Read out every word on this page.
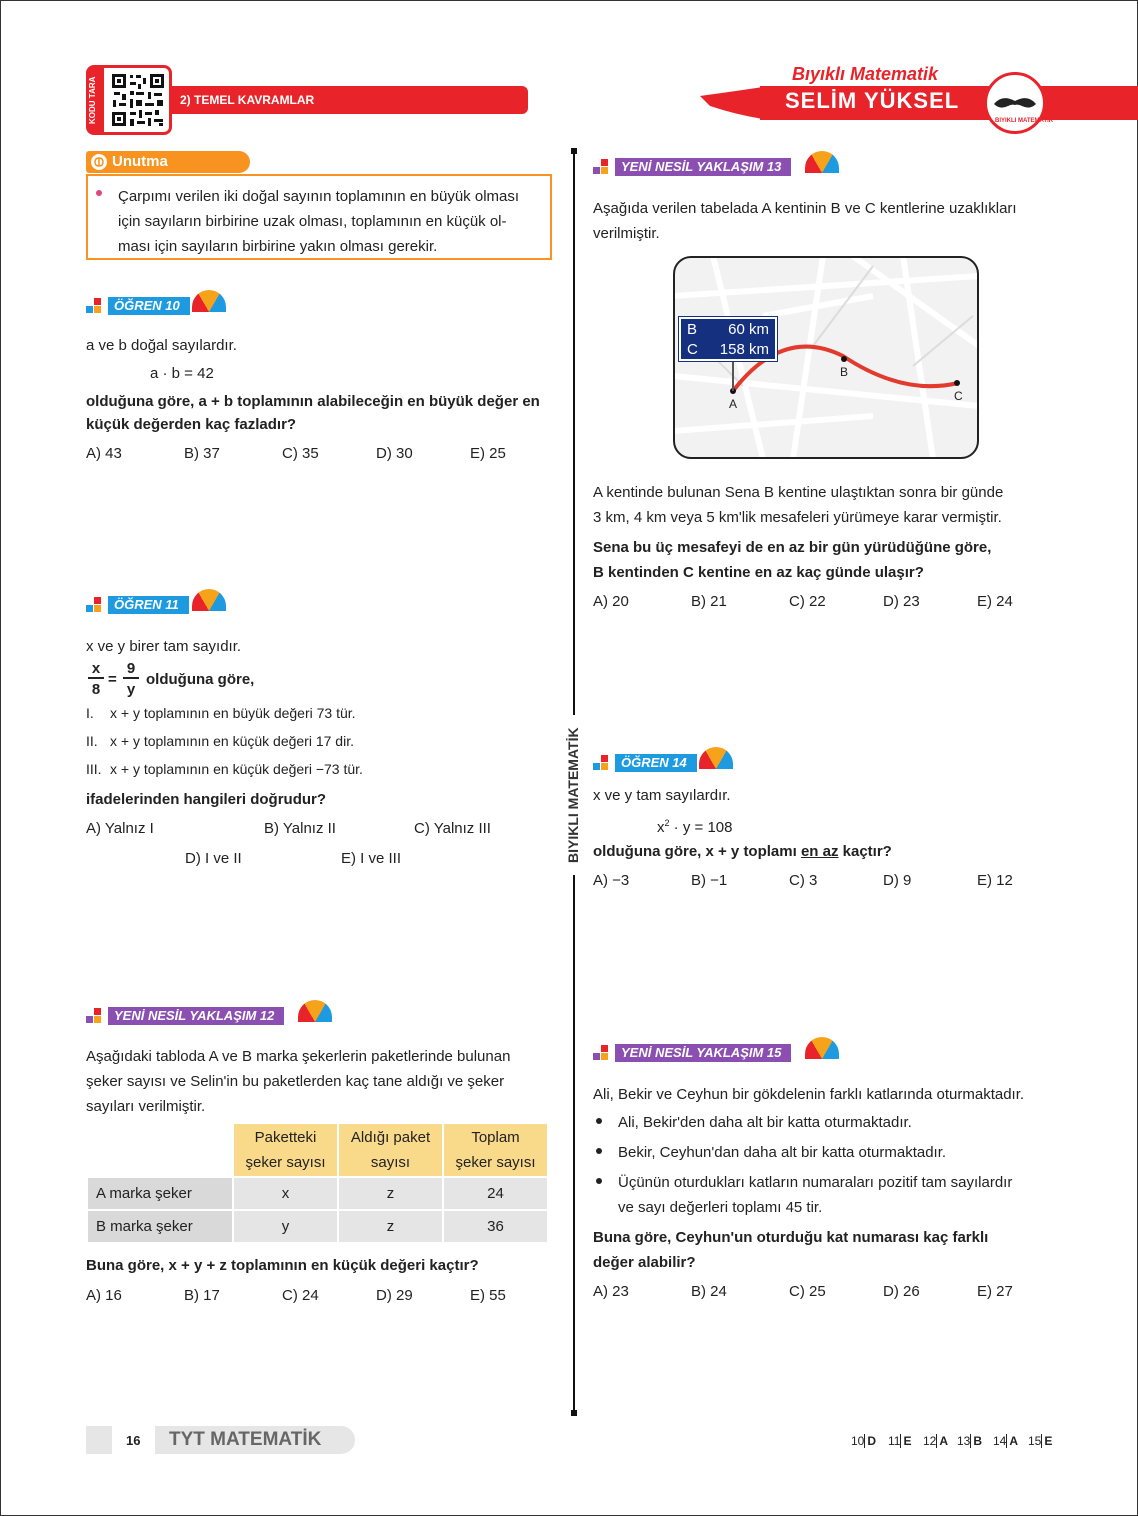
KODU TARA	2) TEMEL KAVRAMLAR
Bıyıklı Matematik
SELİM YÜKSEL
BIYIKLI MATEMATİK
Unutma
Çarpımı verilen iki doğal sayının toplamının en büyük olması
için sayıların birbirine uzak olması, toplamının en küçük ol-
ması için sayıların birbirine yakın olması gerekir.
ÖĞREN 10
a ve b doğal sayılardır.
a · b = 42
olduğuna göre, a + b toplamının alabileceğin en büyük değer en
küçük değerden kaç fazladır?
A) 43	B) 37	C) 35	D) 30	E) 25
ÖĞREN 11
x ve y birer tam sayıdır.
x
8
=
9
y
olduğuna göre,
I. x + y toplamının en büyük değeri 73 tür.
II. x + y toplamının en küçük değeri 17 dir.
III. x + y toplamının en küçük değeri −73 tür.
ifadelerinden hangileri doğrudur?
A) Yalnız I	B) Yalnız II	C) Yalnız III
D) I ve II	E) I ve III
YENİ NESİL YAKLAŞIM 12
Aşağıdaki tabloda A ve B marka şekerlerin paketlerinde bulunan
şeker sayısı ve Selin'in bu paketlerden kaç tane aldığı ve şeker
sayıları verilmiştir.
	Paketteki
şeker sayısı	Aldığı paket
sayısı	Toplam
şeker sayısı
A marka şeker	x	z	24
B marka şeker	y	z	36
Buna göre, x + y + z toplamının en küçük değeri kaçtır?
A) 16	B) 17	C) 24	D) 29	E) 55
BIYIKLI MATEMATİK
YENİ NESİL YAKLAŞIM 13
Aşağıda verilen tabelada A kentinin B ve C kentlerine uzaklıkları
verilmiştir.
A
B
C
B 60 km
C 158 km
A kentinde bulunan Sena B kentine ulaştıktan sonra bir günde
3 km, 4 km veya 5 km'lik mesafeleri yürümeye karar vermiştir.
Sena bu üç mesafeyi de en az bir gün yürüdüğüne göre,
B kentinden C kentine en az kaç günde ulaşır?
A) 20	B) 21	C) 22	D) 23	E) 24
ÖĞREN 14
x ve y tam sayılardır.
$x^2 \cdot y = 108$
olduğuna göre, x + y toplamı en az kaçtır?
A) −3	B) −1	C) 3	D) 9	E) 12
YENİ NESİL YAKLAŞIM 15
Ali, Bekir ve Ceyhun bir gökdelenin farklı katlarında oturmaktadır.
Ali, Bekir'den daha alt bir katta oturmaktadır.
Bekir, Ceyhun'dan daha alt bir katta oturmaktadır.
Üçünün oturdukları katların numaraları pozitif tam sayılardır
ve sayı değerleri toplamı 45 tir.
Buna göre, Ceyhun'un oturduğu kat numarası kaç farklı
değer alabilir?
A) 23	B) 24	C) 25	D) 26	E) 27
16	TYT MATEMATİK	10 D 11 E 12 A 13 B 14 A 15 E
